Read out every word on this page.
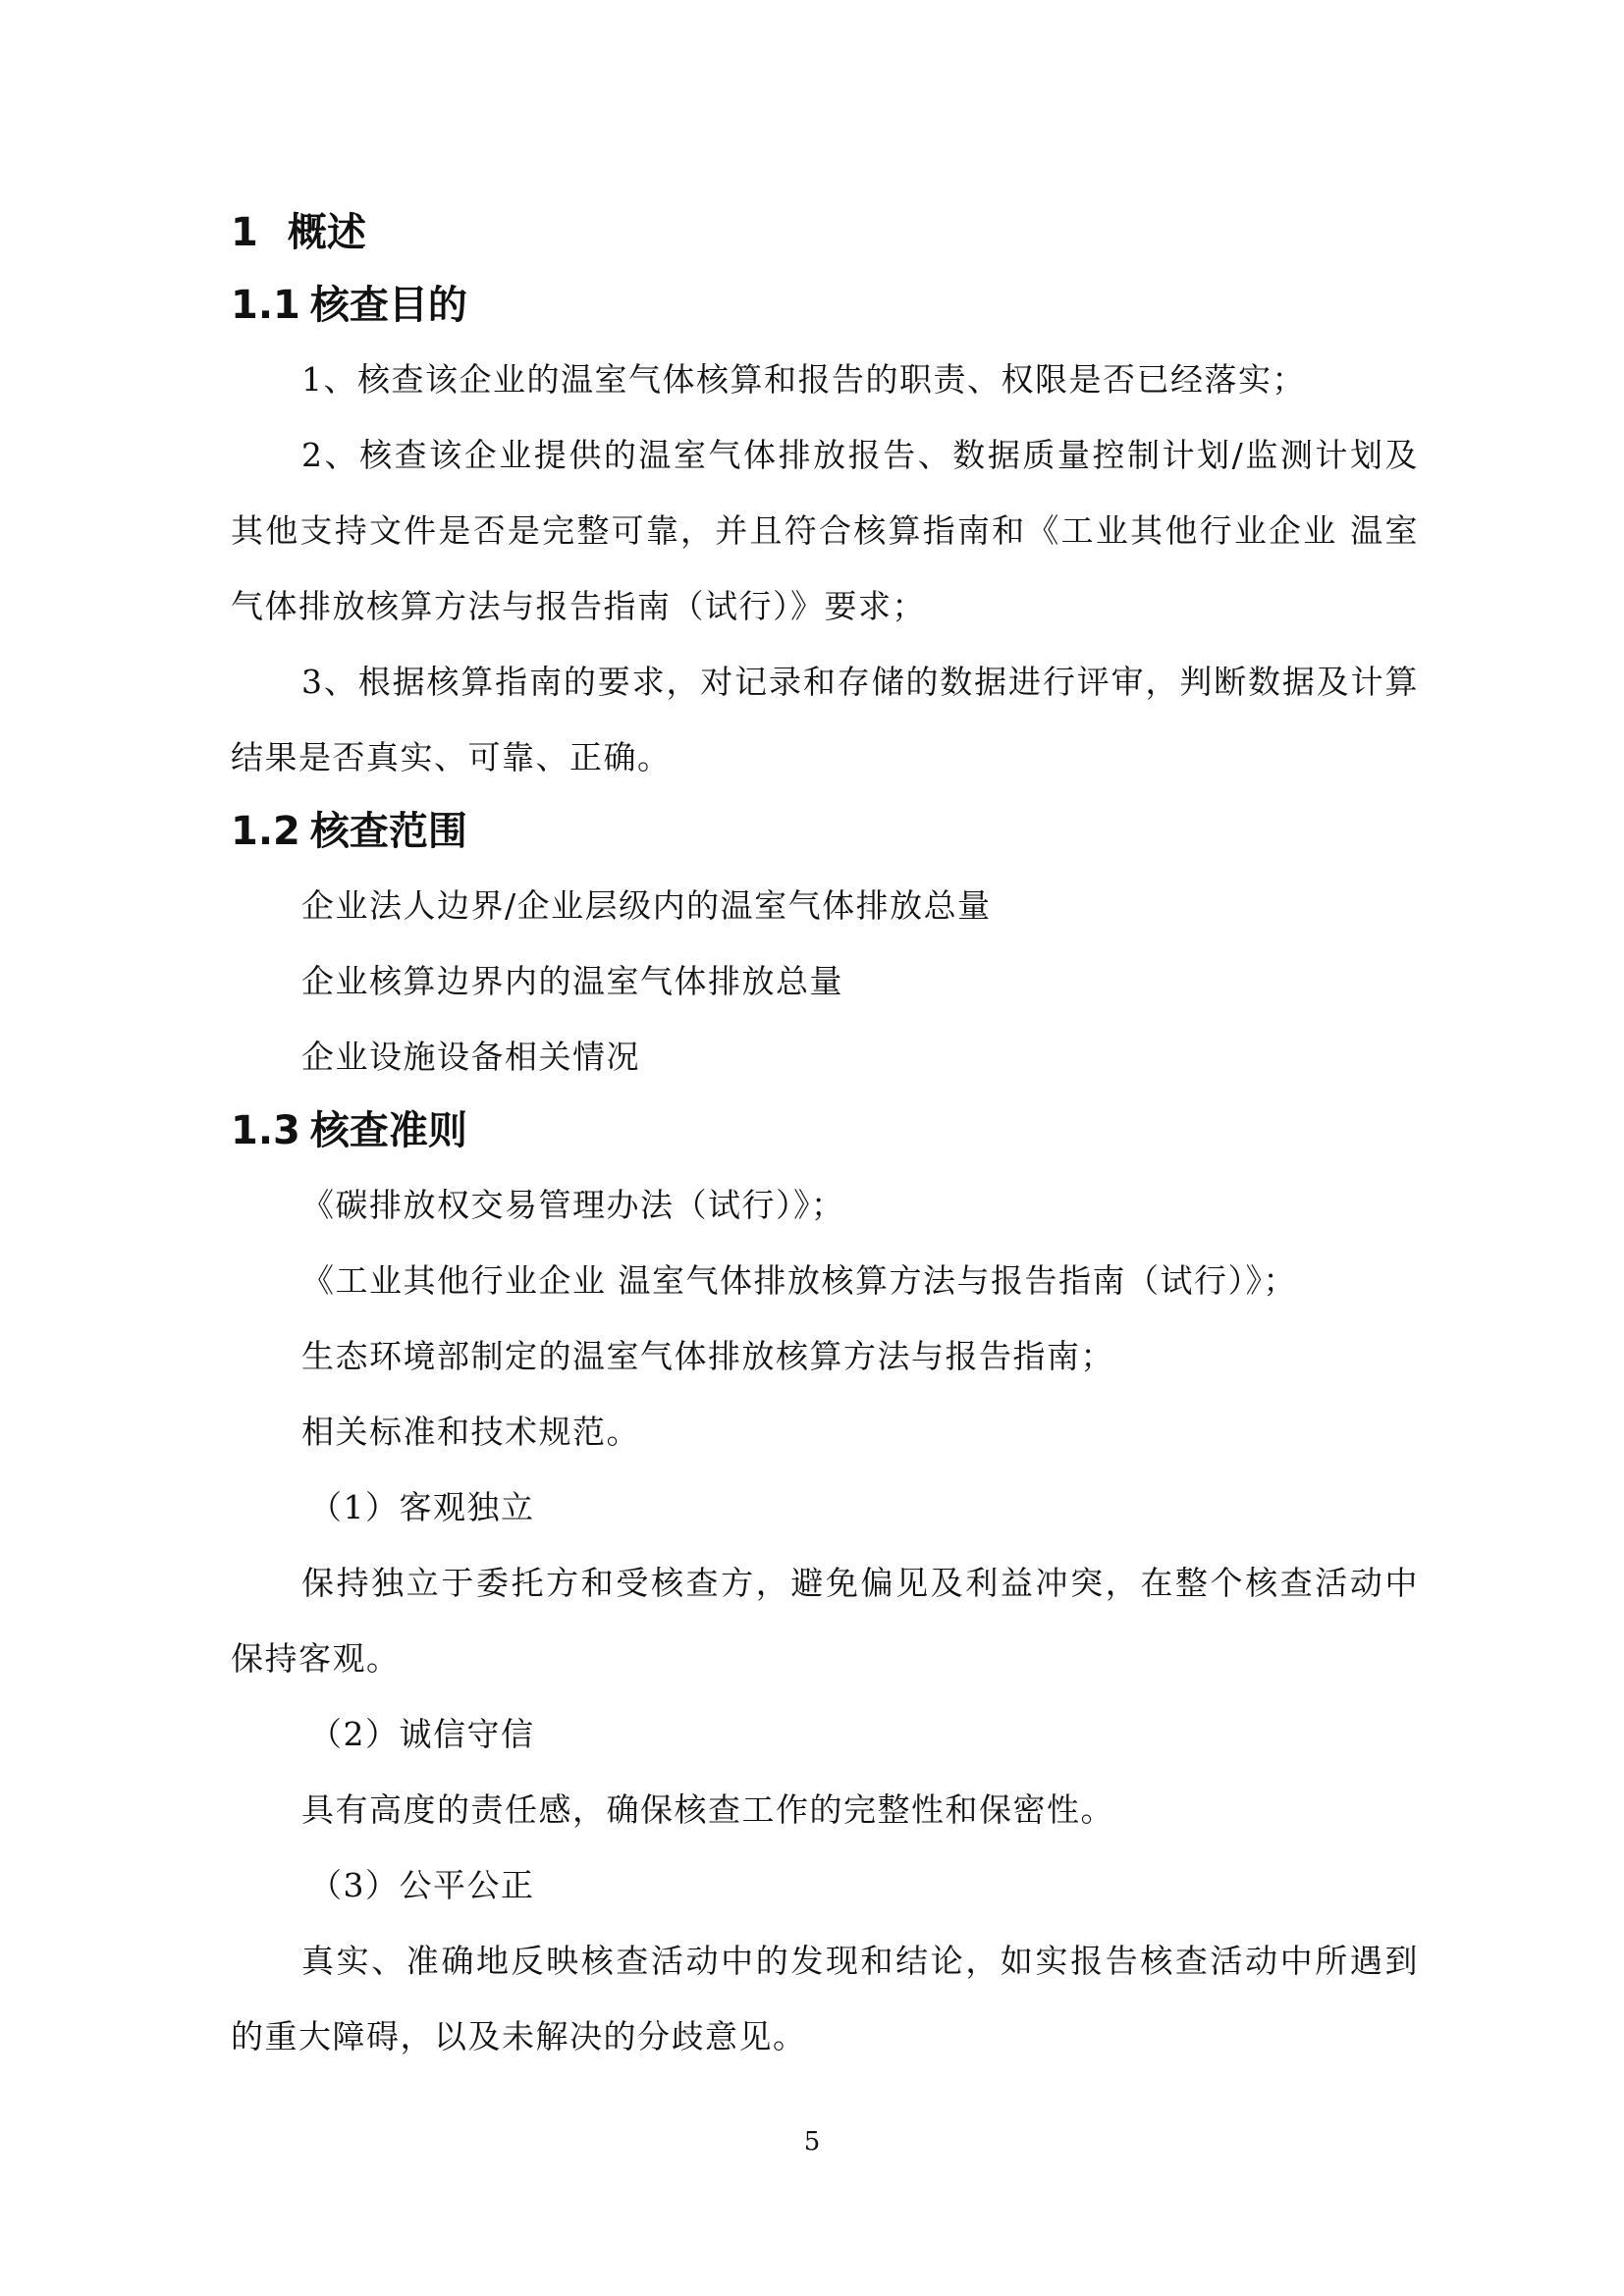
1 概述
1.1 核查目的

1、核查该企业的温室气体核算和报告的职责、权限是否已经落实；

2、核查该企业提供的温室气体排放报告、数据质量控制计划/监测计划及其他支持文件是否是完整可靠，并且符合核算指南和《工业其他行业企业 温室气体排放核算方法与报告指南（试行）》要求；

3、根据核算指南的要求，对记录和存储的数据进行评审，判断数据及计算结果是否真实、可靠、正确。

1.2 核查范围
企业法人边界/企业层级内的温室气体排放总量
企业核算边界内的温室气体排放总量
企业设施设备相关情况
1.3 核查准则
《碳排放权交易管理办法（试行）》；
《工业其他行业企业 温室气体排放核算方法与报告指南（试行）》；
生态环境部制定的温室气体排放核算方法与报告指南；
相关标准和技术规范。
（1）客观独立

保持独立于委托方和受核查方，避免偏见及利益冲突，在整个核查活动中保持客观。

（2）诚信守信

具有高度的责任感，确保核查工作的完整性和保密性。

（3）公平公正

真实、准确地反映核查活动中的发现和结论，如实报告核查活动中所遇到的重大障碍，以及未解决的分歧意见。

5
